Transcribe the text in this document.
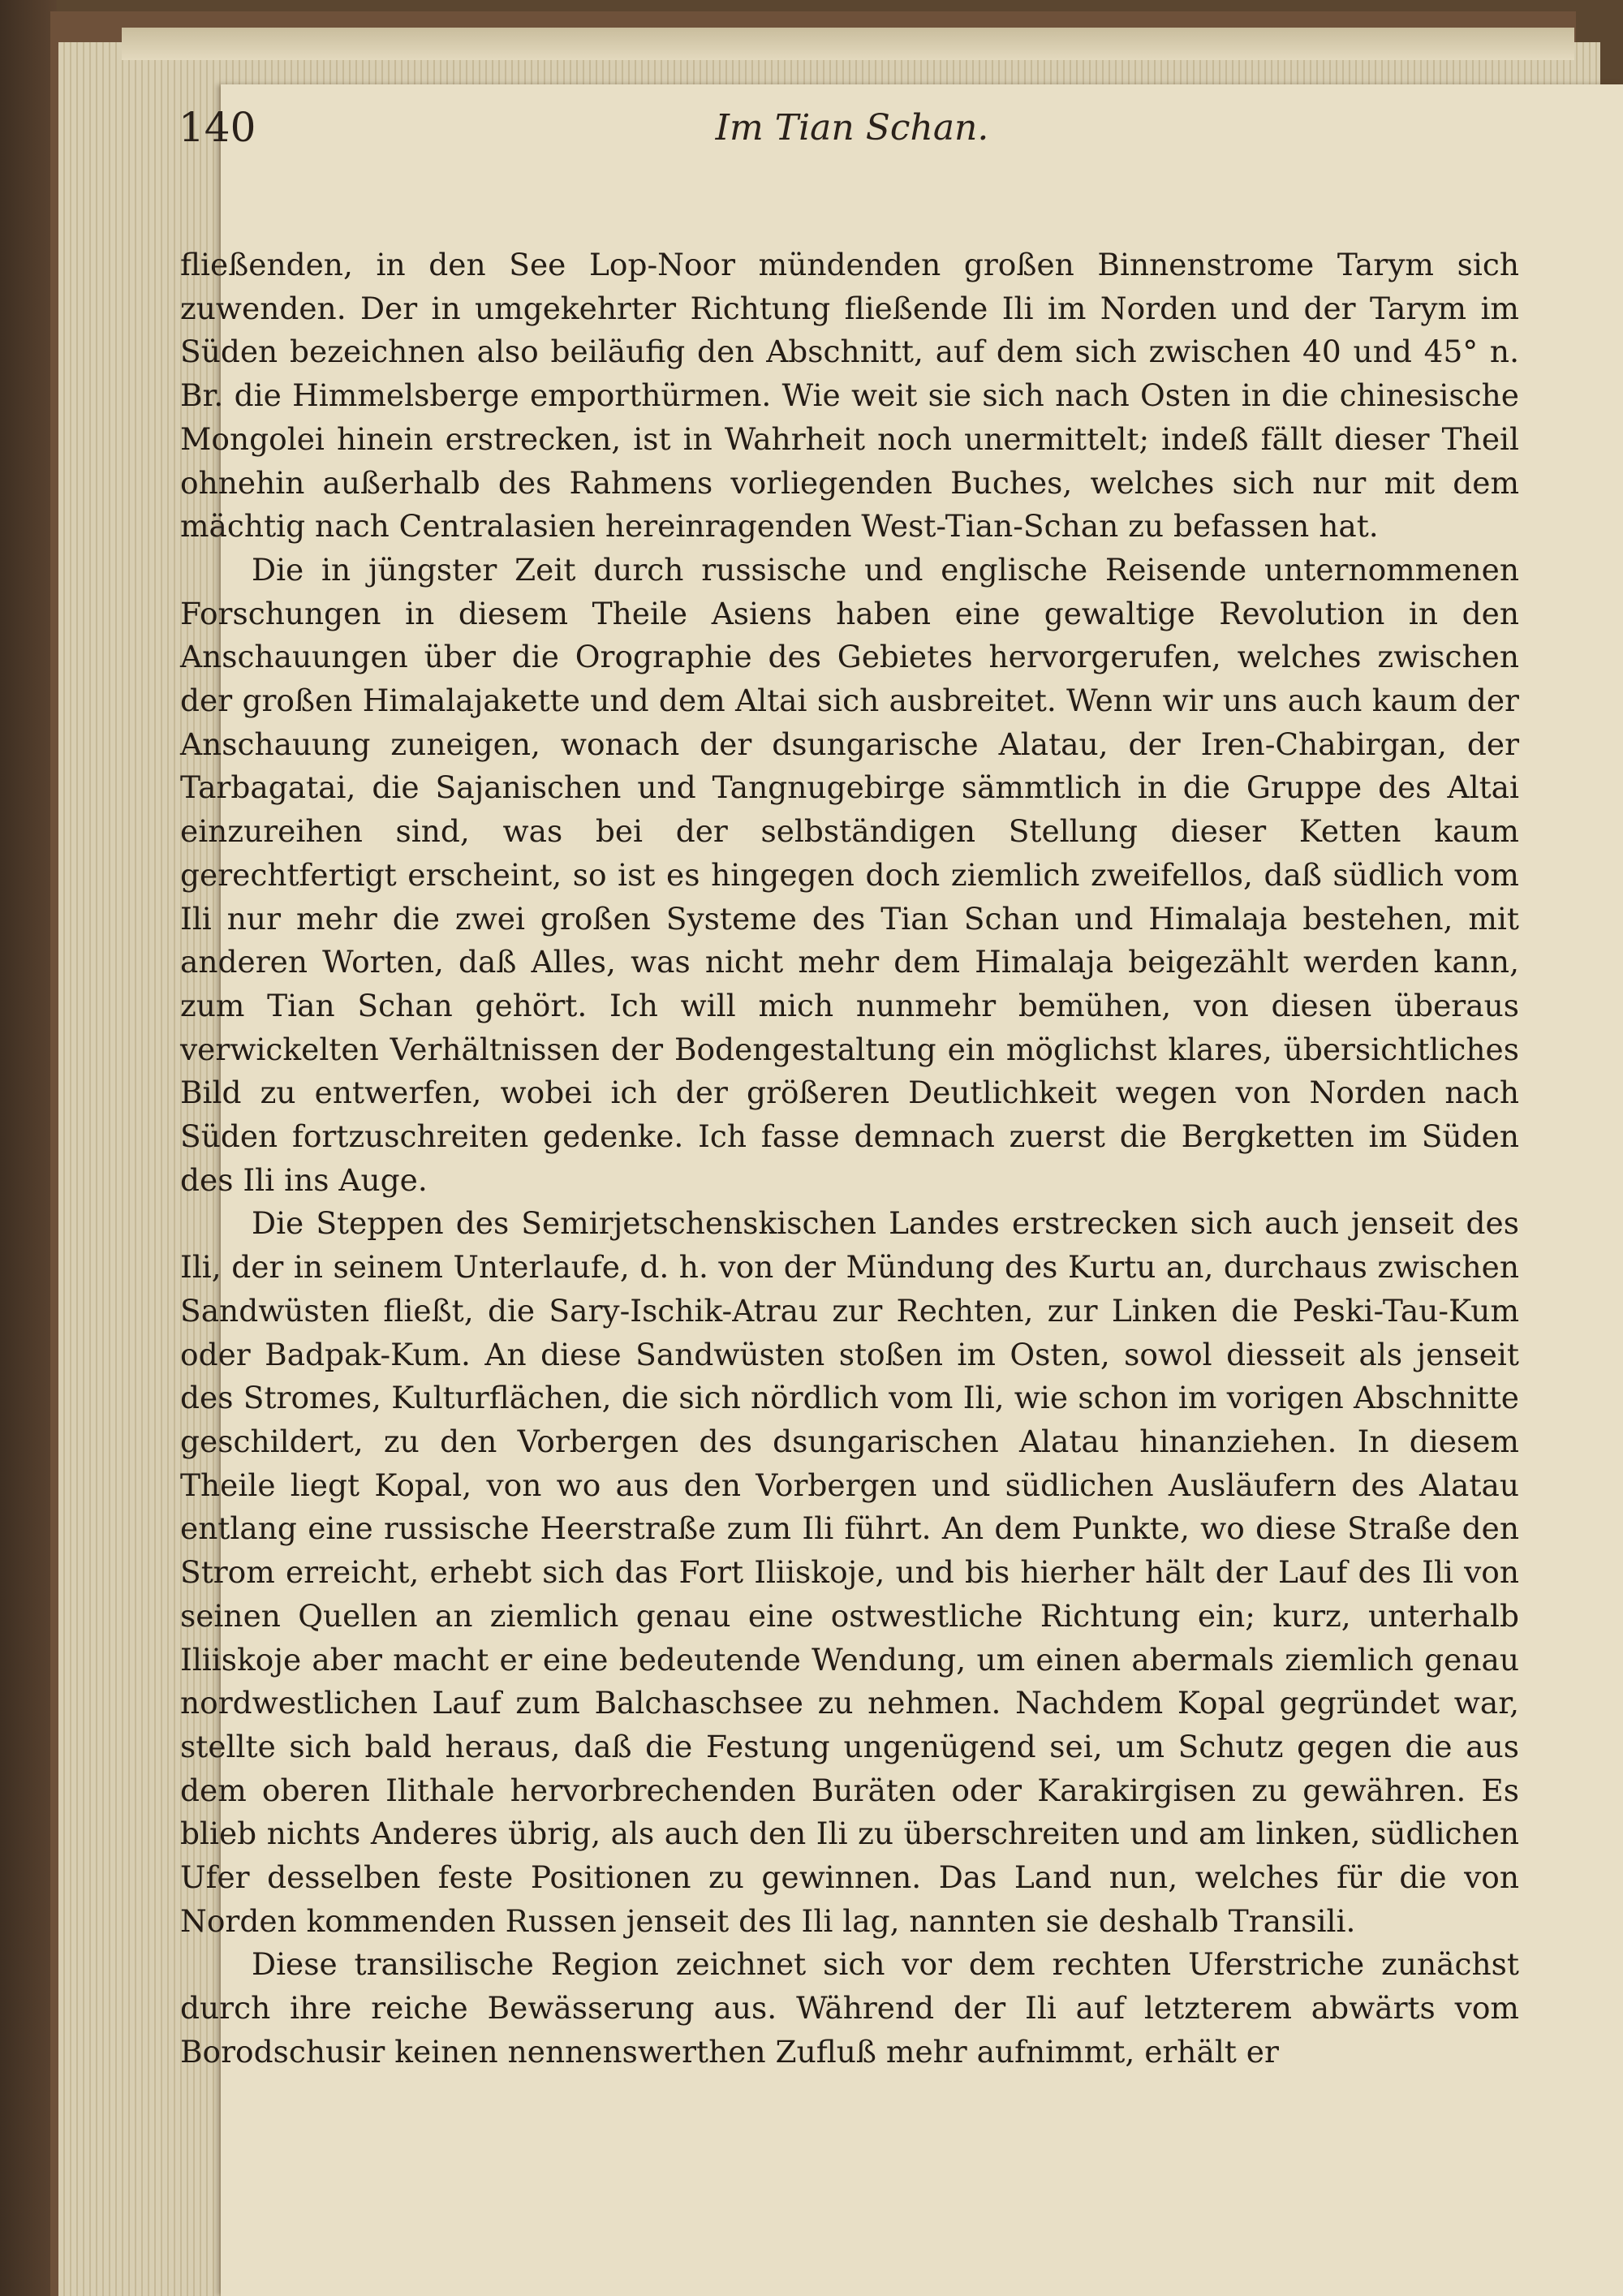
140	Im Tian Schan.

fließenden, in den See Lop-Noor mündenden großen Binnenstrome Tarym sich zuwenden. Der in umgekehrter Richtung fließende Ili im Norden und der Tarym im Süden bezeichnen also beiläufig den Abschnitt, auf dem sich zwischen 40 und 45° n. Br. die Himmelsberge emporthürmen. Wie weit sie sich nach Osten in die chinesische Mongolei hinein erstrecken, ist in Wahrheit noch unermittelt; indeß fällt dieser Theil ohnehin außerhalb des Rahmens vorliegenden Buches, welches sich nur mit dem mächtig nach Centralasien hereinragenden West-Tian-Schan zu befassen hat.

Die in jüngster Zeit durch russische und englische Reisende unternommenen Forschungen in diesem Theile Asiens haben eine gewaltige Revolution in den Anschauungen über die Orographie des Gebietes hervorgerufen, welches zwischen der großen Himalajakette und dem Altai sich ausbreitet. Wenn wir uns auch kaum der Anschauung zuneigen, wonach der dsungarische Alatau, der Iren-Chabirgan, der Tarbagatai, die Sajanischen und Tangnugebirge sämmtlich in die Gruppe des Altai einzureihen sind, was bei der selbständigen Stellung dieser Ketten kaum gerechtfertigt erscheint, so ist es hingegen doch ziemlich zweifellos, daß südlich vom Ili nur mehr die zwei großen Systeme des Tian Schan und Himalaja bestehen, mit anderen Worten, daß Alles, was nicht mehr dem Himalaja beigezählt werden kann, zum Tian Schan gehört. Ich will mich nunmehr bemühen, von diesen überaus verwickelten Verhältnissen der Bodengestaltung ein möglichst klares, übersichtliches Bild zu entwerfen, wobei ich der größeren Deutlichkeit wegen von Norden nach Süden fortzuschreiten gedenke. Ich fasse demnach zuerst die Bergketten im Süden des Ili ins Auge.

Die Steppen des Semirjetschenskischen Landes erstrecken sich auch jenseit des Ili, der in seinem Unterlaufe, d. h. von der Mündung des Kurtu an, durchaus zwischen Sandwüsten fließt, die Sary-Ischik-Atrau zur Rechten, zur Linken die Peski-Tau-Kum oder Badpak-Kum. An diese Sandwüsten stoßen im Osten, sowol diesseit als jenseit des Stromes, Kulturflächen, die sich nördlich vom Ili, wie schon im vorigen Abschnitte geschildert, zu den Vorbergen des dsungarischen Alatau hinanziehen. In diesem Theile liegt Kopal, von wo aus den Vorbergen und südlichen Ausläufern des Alatau entlang eine russische Heerstraße zum Ili führt. An dem Punkte, wo diese Straße den Strom erreicht, erhebt sich das Fort Iliiskoje, und bis hierher hält der Lauf des Ili von seinen Quellen an ziemlich genau eine ostwestliche Richtung ein; kurz, unterhalb Iliiskoje aber macht er eine bedeutende Wendung, um einen abermals ziemlich genau nordwestlichen Lauf zum Balchaschsee zu nehmen. Nachdem Kopal gegründet war, stellte sich bald heraus, daß die Festung ungenügend sei, um Schutz gegen die aus dem oberen Ilithale hervorbrechenden Buräten oder Karakirgisen zu gewähren. Es blieb nichts Anderes übrig, als auch den Ili zu überschreiten und am linken, südlichen Ufer desselben feste Positionen zu gewinnen. Das Land nun, welches für die von Norden kommenden Russen jenseit des Ili lag, nannten sie deshalb Transili.

Diese transilische Region zeichnet sich vor dem rechten Uferstriche zunächst durch ihre reiche Bewässerung aus. Während der Ili auf letzterem abwärts vom Borodschusir keinen nennenswerthen Zufluß mehr aufnimmt, erhält er
